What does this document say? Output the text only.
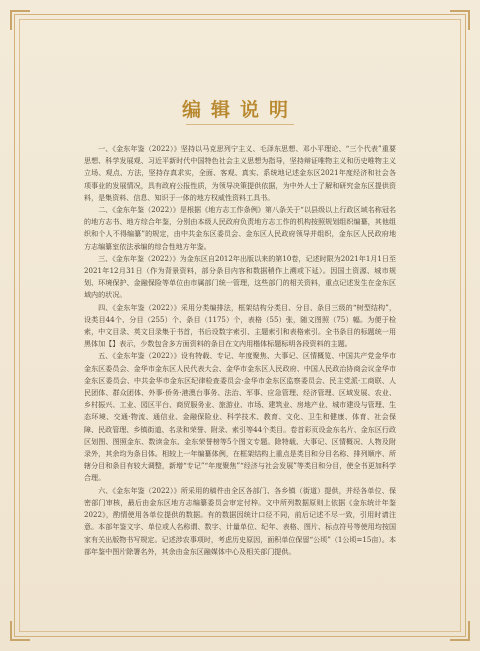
编辑说明

一、《金东年鉴（2022）》坚持以马克思列宁主义、毛泽东思想、邓小平理论、“三个代表”重要思想、科学发展观、习近平新时代中国特色社会主义思想为指导，坚持辩证唯物主义和历史唯物主义立场、观点、方法，坚持存真求实，全面、客观、真实、系统地记述金东区2021年度经济和社会各项事业的发展情况，具有政府公报性质，为领导决策提供依据，为中外人士了解和研究金东区提供资料，是集资料、信息、知识于一体的地方权威性资料工具书。

二、《金东年鉴（2022）》是根据《地方志工作条例》第八条关于“以县级以上行政区域名称冠名的地方志书、地方综合年鉴，分别由本级人民政府负责地方志工作的机构按照规划组织编纂，其他组织和个人不得编纂”的规定，由中共金东区委员会、金东区人民政府领导并组织，金东区人民政府地方志编纂室依法承编的综合性地方年鉴。

三、《金东年鉴（2022）》为金东区自2012年出版以来的第10卷，记述时限为2021年1月1日至2021年12月31日（作为背景资料，部分条目内容和数据稍作上溯或下延）。因国土资源、城市规划、环境保护、金融保险等单位由市属部门统一管理，这些部门的相关资料，重点记述发生在金东区域内的状况。

四、《金东年鉴（2022）》采用分类编排法，框架结构分类目、分目、条目三级的“树型结构”，设类目44个、分目（255）个、条目（1175）个，表格（55）张，随文图照（75）幅。为便于检索，中文目录、英文目录集于书首，书后设数字索引、主题索引和表格索引。全书条目的标题统一用黑体加【】表示，少数包含多方面资料的条目在文内用楷体标题标明各段资料的主题。

五、《金东年鉴（2022）》设有特载、专记、年度聚焦、大事记、区情概览、中国共产党金华市金东区委员会、金华市金东区人民代表大会、金华市金东区人民政府、中国人民政治协商会议金华市金东区委员会、中共金华市金东区纪律检查委员会·金华市金东区监察委员会、民主党派·工商联、人民团体、群众团体、外事·侨务·港澳台事务、法治、军事、应急管理、经济管理、区域发展、农业、乡村振兴、工业、园区平台、商贸服务业、旅游业、市场、建筑业、房地产业、城市建设与管理、生态环境、交通·物流、通信业、金融保险业、科学技术、教育、文化、卫生和健康、体育、社会保障、民政管理、乡镇街道、名录和荣誉、附录、索引等44个类目。卷首彩页设金东名片、金东区行政区划图、图照金东、数读金东、金东荣誉榜等5个图文专题。除特载、大事记、区情概况、人物及附录外，其余均为条目体。相较上一年编纂体例，在框架结构上重点是类目和分目名称、排列顺序、所辖分目和条目有较大调整，新增“专记”“年度聚焦”“经济与社会发展”等类目和分目，使全书更加科学合理。

六、《金东年鉴（2022）》所采用的稿件由全区各部门、各乡镇（街道）提供，并经各单位、保密部门审核，最后由金东区地方志编纂委员会审定付梓。文中所列数据原则上依据《金东统计年鉴2022》，酌情使用各单位提供的数据。有的数据因统计口径不同，前后记述不尽一致，引用时请注意。本部年鉴文字、单位或人名称谓、数字、计量单位、纪年、表格、图片、标点符号等使用均按国家有关出版物书写规定。记述涉农事项时，考虑历史原因，面积单位保留“公顷”（1公顷=15亩）。本部年鉴中图片除署名外，其余由金东区融媒体中心及相关部门提供。
